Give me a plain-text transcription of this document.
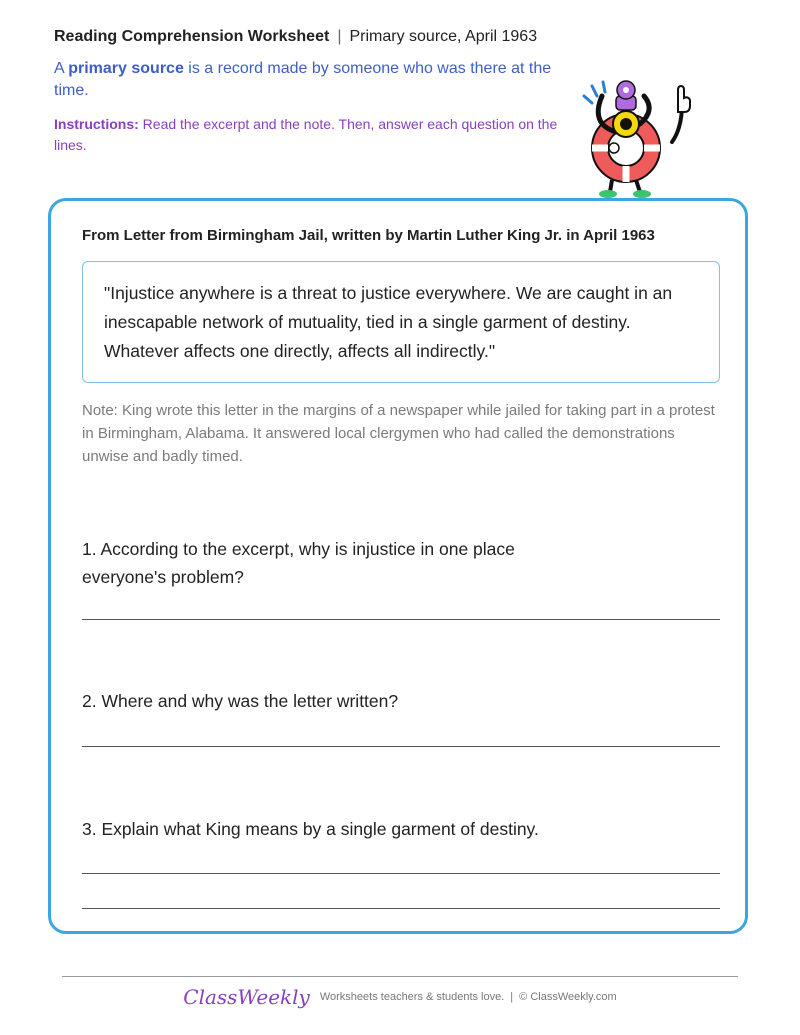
Reading Comprehension Worksheet | Primary source, April 1963
A primary source is a record made by someone who was there at the time.
Instructions: Read the excerpt and the note. Then, answer each question on the lines.
From Letter from Birmingham Jail, written by Martin Luther King Jr. in April 1963
"Injustice anywhere is a threat to justice everywhere. We are caught in an inescapable network of mutuality, tied in a single garment of destiny. Whatever affects one directly, affects all indirectly."
Note: King wrote this letter in the margins of a newspaper while jailed for taking part in a protest in Birmingham, Alabama. It answered local clergymen who had called the demonstrations unwise and badly timed.
1. According to the excerpt, why is injustice in one place everyone's problem?
2. Where and why was the letter written?
3. Explain what King means by a single garment of destiny.
ClassWeekly Worksheets teachers & students love. | © ClassWeekly.com
